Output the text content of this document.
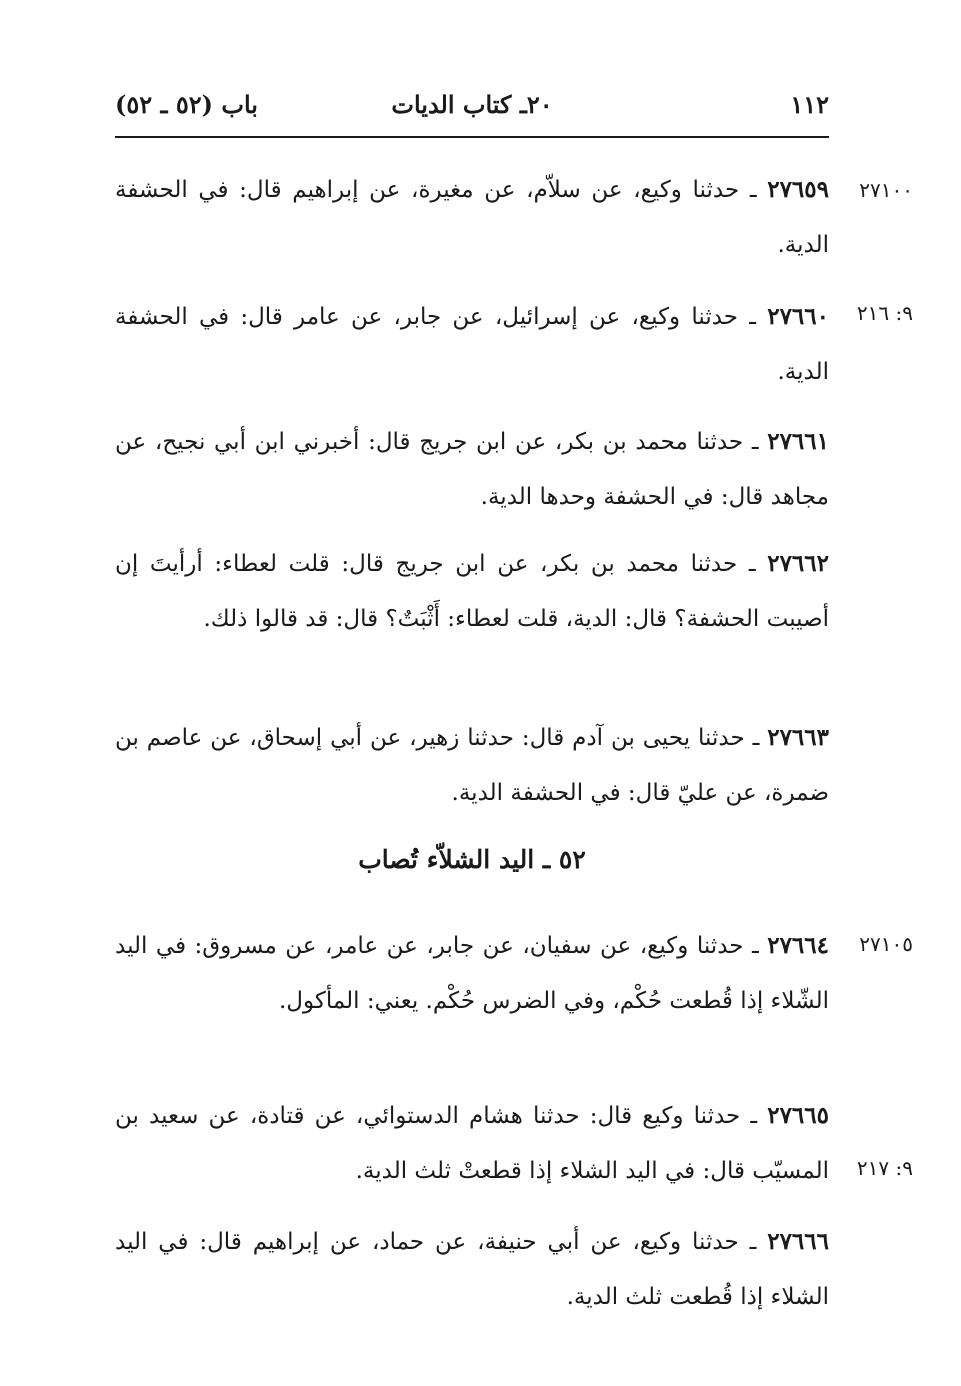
١١٢
٢٠ـ كتاب الديات
باب (٥٢ ـ ٥٢)
٢٧١٠٠
٩: ٢١٦
٢٧١٠٥
٩: ٢١٧
٢٧٦٥٩ ـ حدثنا وكيع، عن سلاّم، عن مغيرة، عن إبراهيم قال: في الحشفة الدية.
٢٧٦٦٠ ـ حدثنا وكيع، عن إسرائيل، عن جابر، عن عامر قال: في الحشفة الدية.
٢٧٦٦١ ـ حدثنا محمد بن بكر، عن ابن جريج قال: أخبرني ابن أبي نجيح، عن مجاهد قال: في الحشفة وحدها الدية.
٢٧٦٦٢ ـ حدثنا محمد بن بكر، عن ابن جريج قال: قلت لعطاء: أرأيتَ إن أصيبت الحشفة؟ قال: الدية، قلت لعطاء: أَثْبَتٌ؟ قال: قد قالوا ذلك.
٢٧٦٦٣ ـ حدثنا يحيى بن آدم قال: حدثنا زهير، عن أبي إسحاق، عن عاصم بن ضمرة، عن عليّ قال: في الحشفة الدية.
٥٢ ـ اليد الشلاّء تُصاب
٢٧٦٦٤ ـ حدثنا وكيع، عن سفيان، عن جابر، عن عامر، عن مسروق: في اليد الشّلاء إذا قُطعت حُكْم، وفي الضرس حُكْم. يعني: المأكول.
٢٧٦٦٥ ـ حدثنا وكيع قال: حدثنا هشام الدستوائي، عن قتادة، عن سعيد بن المسيّب قال: في اليد الشلاء إذا قطعتْ ثلث الدية.
٢٧٦٦٦ ـ حدثنا وكيع، عن أبي حنيفة، عن حماد، عن إبراهيم قال: في اليد الشلاء إذا قُطعت ثلث الدية.
